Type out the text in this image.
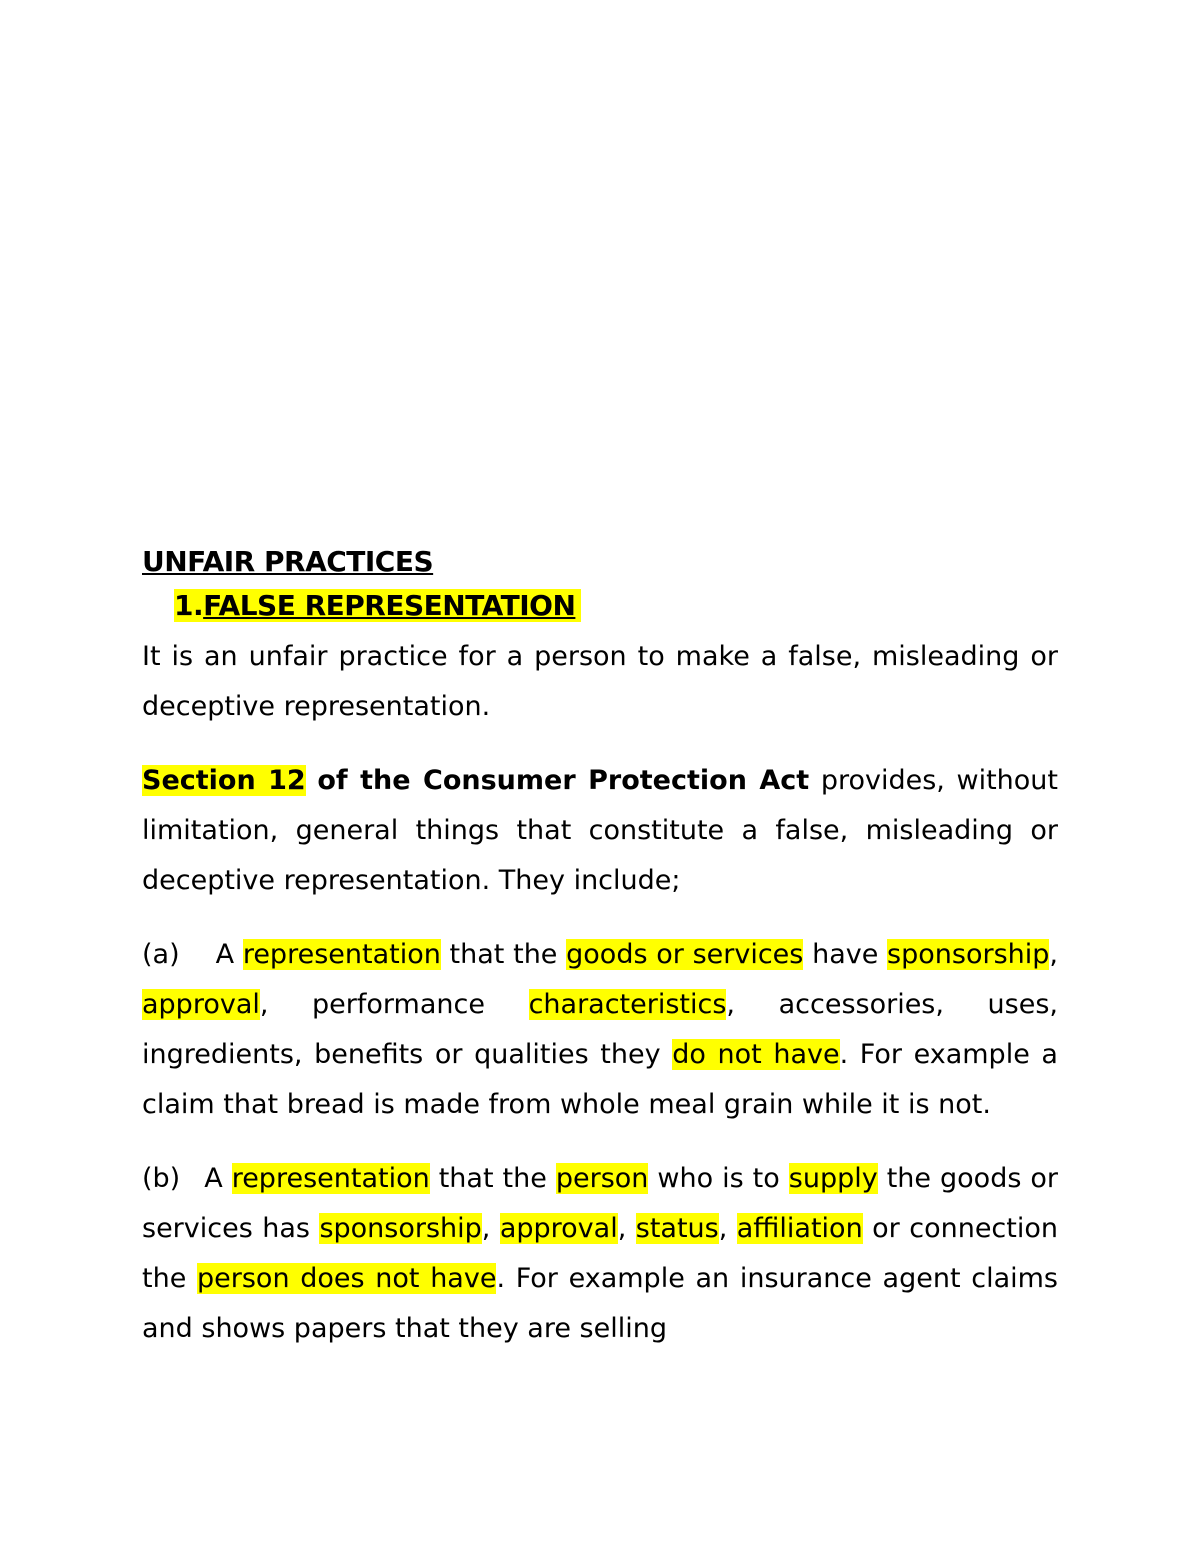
UNFAIR PRACTICES
1.FALSE REPRESENTATION

It is an unfair practice for a person to make a false, misleading or deceptive representation.

Section 12 of the Consumer Protection Act provides, without limitation, general things that constitute a false, misleading or deceptive representation. They include;

(a) A representation that the goods or services have sponsorship, approval, performance characteristics, accessories, uses, ingredients, benefits or qualities they do not have. For example a claim that bread is made from whole meal grain while it is not.

(b) A representation that the person who is to supply the goods or services has sponsorship, approval, status, affiliation or connection the person does not have. For example an insurance agent claims and shows papers that they are selling
